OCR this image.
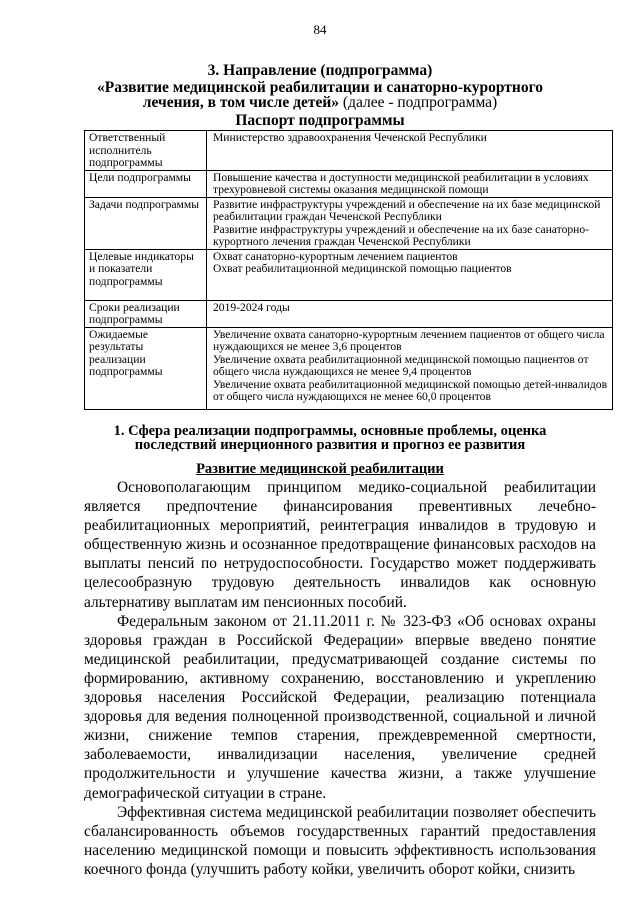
84
3. Направление (подпрограмма)
«Развитие медицинской реабилитации и санаторно-курортного лечения, в том числе детей» (далее - подпрограмма)
Паспорт подпрограммы
Ответственный исполнитель подпрограммы	Министерство здравоохранения Чеченской Республики

Цели подпрограммы	Повышение качества и доступности медицинской реабилитации в условиях трехуровневой системы оказания медицинской помощи

Задачи подпрограммы	Развитие инфраструктуры учреждений и обеспечение на их базе медицинской реабилитации граждан Чеченской Республики
Развитие инфраструктуры учреждений и обеспечение на их базе санаторно-курортного лечения граждан Чеченской Республики

Целевые индикаторы и показатели подпрограммы	Охват санаторно-курортным лечением пациентов
Охват реабилитационной медицинской помощью пациентов

Сроки реализации подпрограммы	2019-2024 годы

Ожидаемые результаты реализации подпрограммы	Увеличение охвата санаторно-курортным лечением пациентов от общего числа нуждающихся не менее 3,6 процентов
Увеличение охвата реабилитационной медицинской помощью пациентов от общего числа нуждающихся не менее 9,4 процентов
Увеличение охвата реабилитационной медицинской помощью детей-инвалидов от общего числа нуждающихся не менее 60,0 процентов
1. Сфера реализации подпрограммы, основные проблемы, оценка последствий инерционного развития и прогноз ее развития
Развитие медицинской реабилитации

Основополагающим принципом медико-социальной реабилитации является предпочтение финансирования превентивных лечебно-реабилитационных мероприятий, реинтеграция инвалидов в трудовую и общественную жизнь и осознанное предотвращение финансовых расходов на выплаты пенсий по нетрудоспособности. Государство может поддерживать целесообразную трудовую деятельность инвалидов как основную альтернативу выплатам им пенсионных пособий.

Федеральным законом от 21.11.2011 г. № 323-ФЗ «Об основах охраны здоровья граждан в Российской Федерации» впервые введено понятие медицинской реабилитации, предусматривающей создание системы по формированию, активному сохранению, восстановлению и укреплению здоровья населения Российской Федерации, реализацию потенциала здоровья для ведения полноценной производственной, социальной и личной жизни, снижение темпов старения, преждевременной смертности, заболеваемости, инвалидизации населения, увеличение средней продолжительности и улучшение качества жизни, а также улучшение демографической ситуации в стране.

Эффективная система медицинской реабилитации позволяет обеспечить сбалансированность объемов государственных гарантий предоставления населению медицинской помощи и повысить эффективность использования коечного фонда (улучшить работу койки, увеличить оборот койки, снизить
